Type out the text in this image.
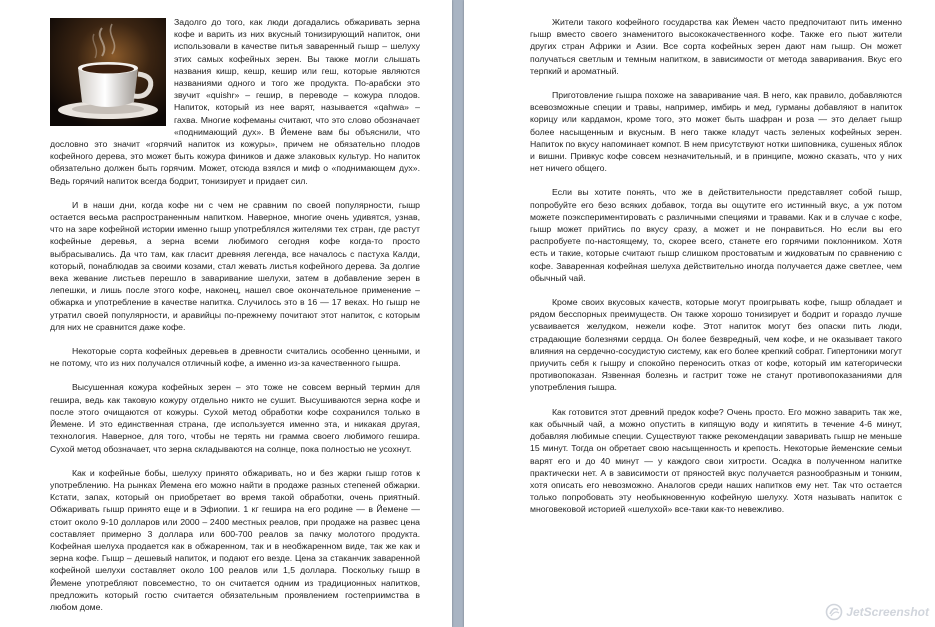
Задолго до того, как люди догадались обжаривать зерна кофе и варить из них вкусный тонизирующий напиток, они использовали в качестве питья заваренный гышр – шелуху этих самых кофейных зерен. Вы также могли слышать названия кишр, кешр, кешир или геш, которые являются названиями одного и того же продукта. По-арабски это звучит «quishr» – гешир, в переводе – кожура плодов. Напиток, который из нее варят, называется «qahwa» – гахва. Многие кофеманы считают, что это слово обозначает «поднимающий дух». В Йемене вам бы объяснили, что дословно это значит «горячий напиток из кожуры», причем не обязательно плодов кофейного дерева, это может быть кожура фиников и даже злаковых культур. Но напиток обязательно должен быть горячим. Может, отсюда взялся и миф о «поднимающем дух». Ведь горячий напиток всегда бодрит, тонизирует и придает сил.

И в наши дни, когда кофе ни с чем не сравним по своей популярности, гышр остается весьма распространенным напитком. Наверное, многие очень удивятся, узнав, что на заре кофейной истории именно гышр употреблялся жителями тех стран, где растут кофейные деревья, а зерна всеми любимого сегодня кофе когда-то просто выбрасывались. Да что там, как гласит древняя легенда, все началось с пастуха Калди, который, понаблюдав за своими козами, стал жевать листья кофейного дерева. За долгие века жевание листьев перешло в заваривание шелухи, затем в добавление зерен в лепешки, и лишь после этого кофе, наконец, нашел свое окончательное применение – обжарка и употребление в качестве напитка. Случилось это в 16 — 17 веках. Но гышр не утратил своей популярности, и аравийцы по-прежнему почитают этот напиток, с которым для них не сравнится даже кофе.

Некоторые сорта кофейных деревьев в древности считались особенно ценными, и не потому, что из них получался отличный кофе, а именно из-за качественного гышра.

Высушенная кожура кофейных зерен – это тоже не совсем верный термин для гешира, ведь как таковую кожуру отдельно никто не сушит. Высушиваются зерна кофе и после этого очищаются от кожуры. Сухой метод обработки кофе сохранился только в Йемене. И это единственная страна, где используется именно эта, и никакая другая, технология. Наверное, для того, чтобы не терять ни грамма своего любимого гешира. Сухой метод обозначает, что зерна складываются на солнце, пока полностью не усохнут.

Как и кофейные бобы, шелуху принято обжаривать, но и без жарки гышр готов к употреблению. На рынках Йемена его можно найти в продаже разных степеней обжарки. Кстати, запах, который он приобретает во время такой обработки, очень приятный. Обжаривать гышр принято еще и в Эфиопии. 1 кг гешира на его родине — в Йемене — стоит около 9-10 долларов или 2000 – 2400 местных реалов, при продаже на развес цена составляет примерно 3 доллара или 600-700 реалов за пачку молотого продукта. Кофейная шелуха продается как в обжаренном, так и в необжаренном виде, так же как и зерна кофе. Гышр – дешевый напиток, и подают его везде. Цена за стаканчик заваренной кофейной шелухи составляет около 100 реалов или 1,5 доллара. Поскольку гышр в Йемене употребляют повсеместно, то он считается одним из традиционных напитков, предложить который гостю считается обязательным проявлением гостеприимства в любом доме.

Жители такого кофейного государства как Йемен часто предпочитают пить именно гышр вместо своего знаменитого высококачественного кофе. Также его пьют жители других стран Африки и Азии. Все сорта кофейных зерен дают нам гышр. Он может получаться светлым и темным напитком, в зависимости от метода заваривания. Вкус его терпкий и ароматный.

Приготовление гышра похоже на заваривание чая. В него, как правило, добавляются всевозможные специи и травы, например, имбирь и мед, гурманы добавляют в напиток корицу или кардамон, кроме того, это может быть шафран и роза — это делает гышр более насыщенным и вкусным. В него также кладут часть зеленых кофейных зерен. Напиток по вкусу напоминает компот. В нем присутствуют нотки шиповника, сушеных яблок и вишни. Привкус кофе совсем незначительный, и в принципе, можно сказать, что у них нет ничего общего.

Если вы хотите понять, что же в действительности представляет собой гышр, попробуйте его безо всяких добавок, тогда вы ощутите его истинный вкус, а уж потом можете поэкспериментировать с различными специями и травами. Как и в случае с кофе, гышр может прийтись по вкусу сразу, а может и не понравиться. Но если вы его распробуете по-настоящему, то, скорее всего, станете его горячими поклонником. Хотя есть и такие, которые считают гышр слишком простоватым и жидковатым по сравнению с кофе. Заваренная кофейная шелуха действительно иногда получается даже светлее, чем обычный чай.

Кроме своих вкусовых качеств, которые могут проигрывать кофе, гышр обладает и рядом бесспорных преимуществ. Он также хорошо тонизирует и бодрит и гораздо лучше усваивается желудком, нежели кофе. Этот напиток могут без опаски пить люди, страдающие болезнями сердца. Он более безвредный, чем кофе, и не оказывает такого влияния на сердечно-сосудистую систему, как его более крепкий собрат. Гипертоники могут приучить себя к гышру и спокойно переносить отказ от кофе, который им категорически противопоказан. Язвенная болезнь и гастрит тоже не станут противопоказаниями для употребления гышра.

Как готовится этот древний предок кофе? Очень просто. Его можно заварить так же, как обычный чай, а можно опустить в кипящую воду и кипятить в течение 4-6 минут, добавляя любимые специи. Существуют также рекомендации заваривать гышр не меньше 15 минут. Тогда он обретает свою насыщенность и крепость. Некоторые йеменские семьи варят его и до 40 минут — у каждого свои хитрости. Осадка в полученном напитке практически нет. А в зависимости от пряностей вкус получается разнообразным и тонким, хотя описать его невозможно. Аналогов среди наших напитков ему нет. Так что остается только попробовать эту необыкновенную кофейную шелуху. Хотя называть напиток с многовековой историей «шелухой» все-таки как-то невежливо.

JetScreenshot
